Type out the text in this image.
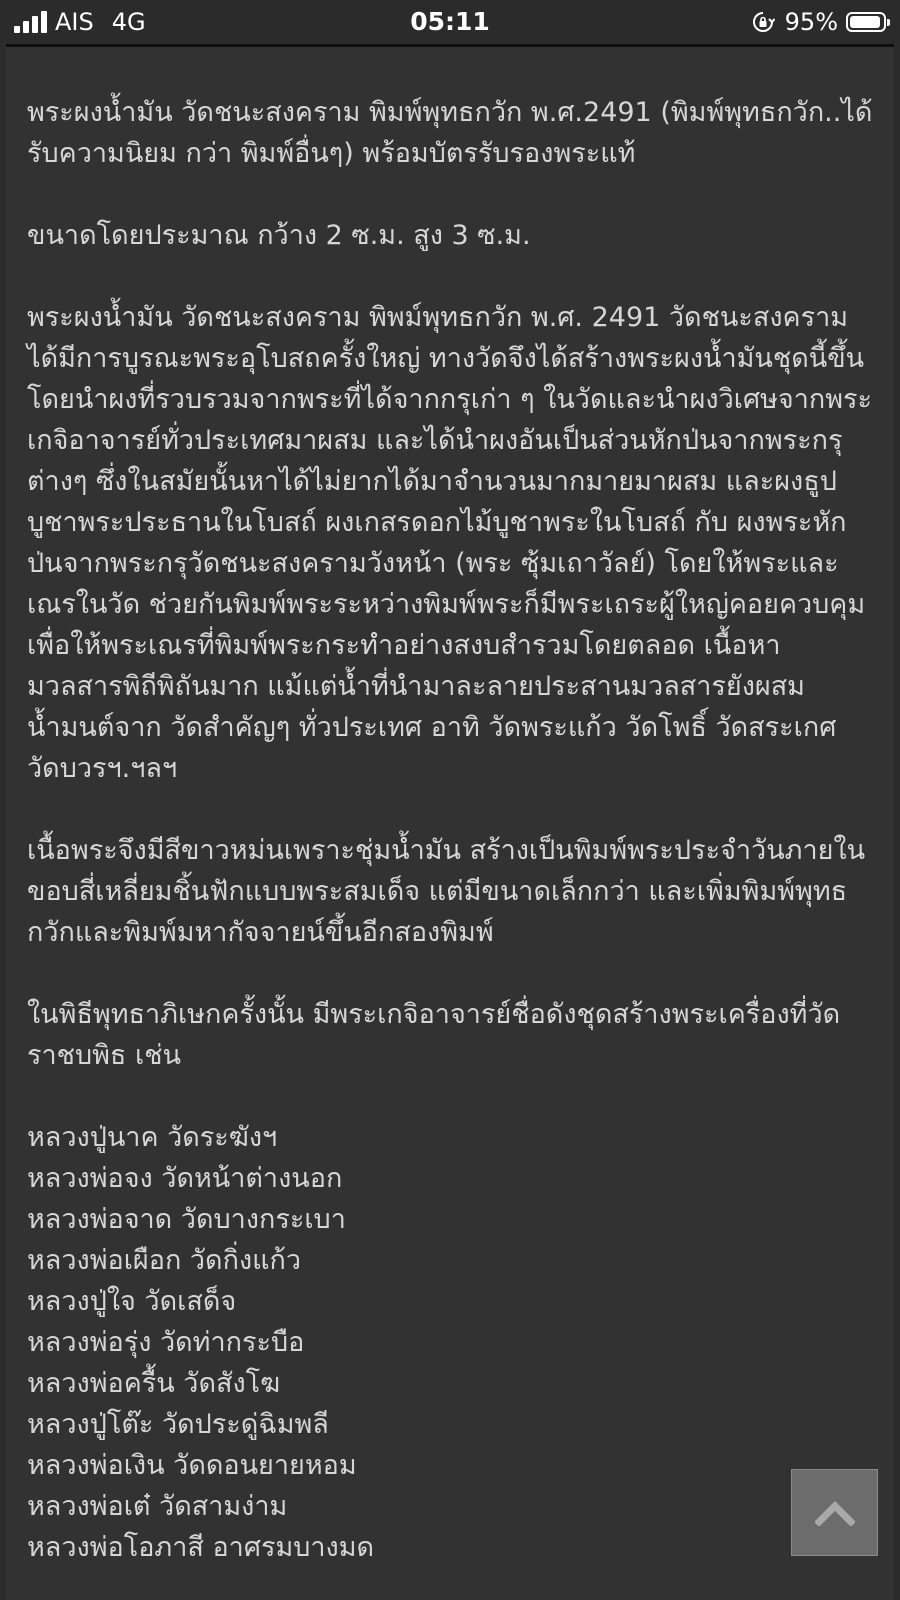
AIS 4G	05:11	95%

พระผงน้ำมัน วัดชนะสงคราม พิมพ์พุทธกวัก พ.ศ.2491 (พิมพ์พุทธกวัก..ได้รับความนิยม กว่า พิมพ์อื่นๆ) พร้อมบัตรรับรองพระแท้

ขนาดโดยประมาณ กว้าง 2 ซ.ม. สูง 3 ซ.ม.

พระผงน้ำมัน วัดชนะสงคราม พิพม์พุทธกวัก พ.ศ. 2491 วัดชนะสงคราม ได้มีการบูรณะพระอุโบสถครั้งใหญ่ ทางวัดจึงได้สร้างพระผงน้ำมันชุดนี้ขึ้น โดยนำผงที่รวบรวมจากพระที่ได้จากกรุเก่า ๆ ในวัดและนำผงวิเศษจากพระเกจิอาจารย์ทั่วประเทศมาผสม และได้นำผงอันเป็นส่วนหักป่นจากพระกรุต่างๆ ซึ่งในสมัยนั้นหาได้ไม่ยากได้มาจำนวนมากมายมาผสม และผงธูปบูชาพระประธานในโบสถ์ ผงเกสรดอกไม้บูชาพระในโบสถ์ กับ ผงพระหักป่นจากพระกรุวัดชนะสงครามวังหน้า (พระ ซุ้มเถาวัลย์) โดยให้พระและเณรในวัด ช่วยกันพิมพ์พระระหว่างพิมพ์พระก็มีพระเถระผู้ใหญ่คอยควบคุมเพื่อให้พระเณรที่พิมพ์พระกระทำอย่างสงบสำรวมโดยตลอด เนื้อหามวลสารพิถีพิถันมาก แม้แต่น้ำที่นำมาละลายประสานมวลสารยังผสมน้ำมนต์จาก วัดสำคัญๆ ทั่วประเทศ อาทิ วัดพระแก้ว วัดโพธิ์ วัดสระเกศ วัดบวรฯ.ฯลฯ

เนื้อพระจึงมีสีขาวหม่นเพราะชุ่มน้ำมัน สร้างเป็นพิมพ์พระประจำวันภายในขอบสี่เหลี่ยมชิ้นฟักแบบพระสมเด็จ แต่มีขนาดเล็กกว่า และเพิ่มพิมพ์พุทธกวักและพิมพ์มหากัจจายน์ขึ้นอีกสองพิมพ์

ในพิธีพุทธาภิเษกครั้งนั้น มีพระเกจิอาจารย์ชื่อดังชุดสร้างพระเครื่องที่วัดราชบพิธ เช่น

หลวงปู่นาค วัดระฆังฯ
หลวงพ่อจง วัดหน้าต่างนอก
หลวงพ่อจาด วัดบางกระเบา
หลวงพ่อเผือก วัดกิ่งแก้ว
หลวงปู่ใจ วัดเสด็จ
หลวงพ่อรุ่ง วัดท่ากระบือ
หลวงพ่อครื้น วัดสังโฆ
หลวงปู่โต๊ะ วัดประดู่ฉิมพลี
หลวงพ่อเงิน วัดดอนยายหอม
หลวงพ่อเต๋ วัดสามง่าม
หลวงพ่อโอภาสี อาศรมบางมด
